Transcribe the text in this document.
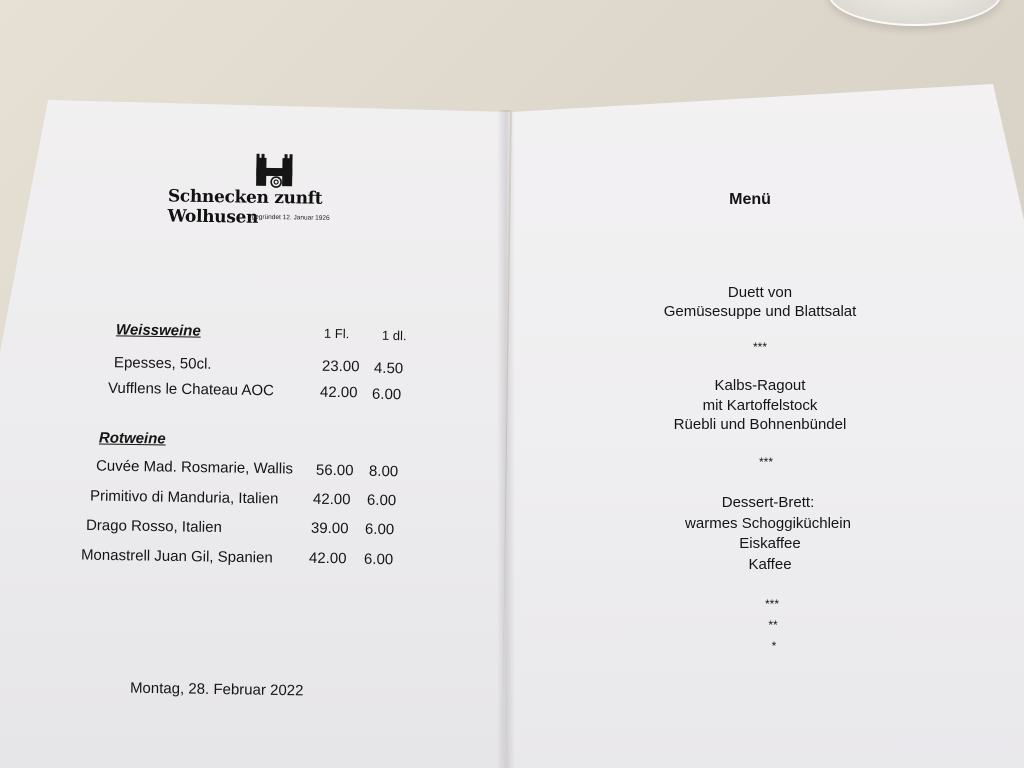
Schnecken zunft Wolhusen
gegründet 12. Januar 1926
Weissweine	1 Fl. 1 dl.
Epesses, 50cl.	23.00 4.50
Vufflens le Chateau AOC	42.00 6.00
Rotweine
Cuvée Mad. Rosmarie, Wallis 56.00 8.00
Primitivo di Manduria, Italien 42.00 6.00
Drago Rosso, Italien	39.00 6.00
Monastrell Juan Gil, Spanien 42.00 6.00
Montag, 28. Februar 2022
Menü
Duett von
Gemüsesuppe und Blattsalat
***
Kalbs-Ragout
mit Kartoffelstock
Rüebli und Bohnenbündel
***
Dessert-Brett:
warmes Schoggiküchlein
Eiskaffee
Kaffee
***
**
*
